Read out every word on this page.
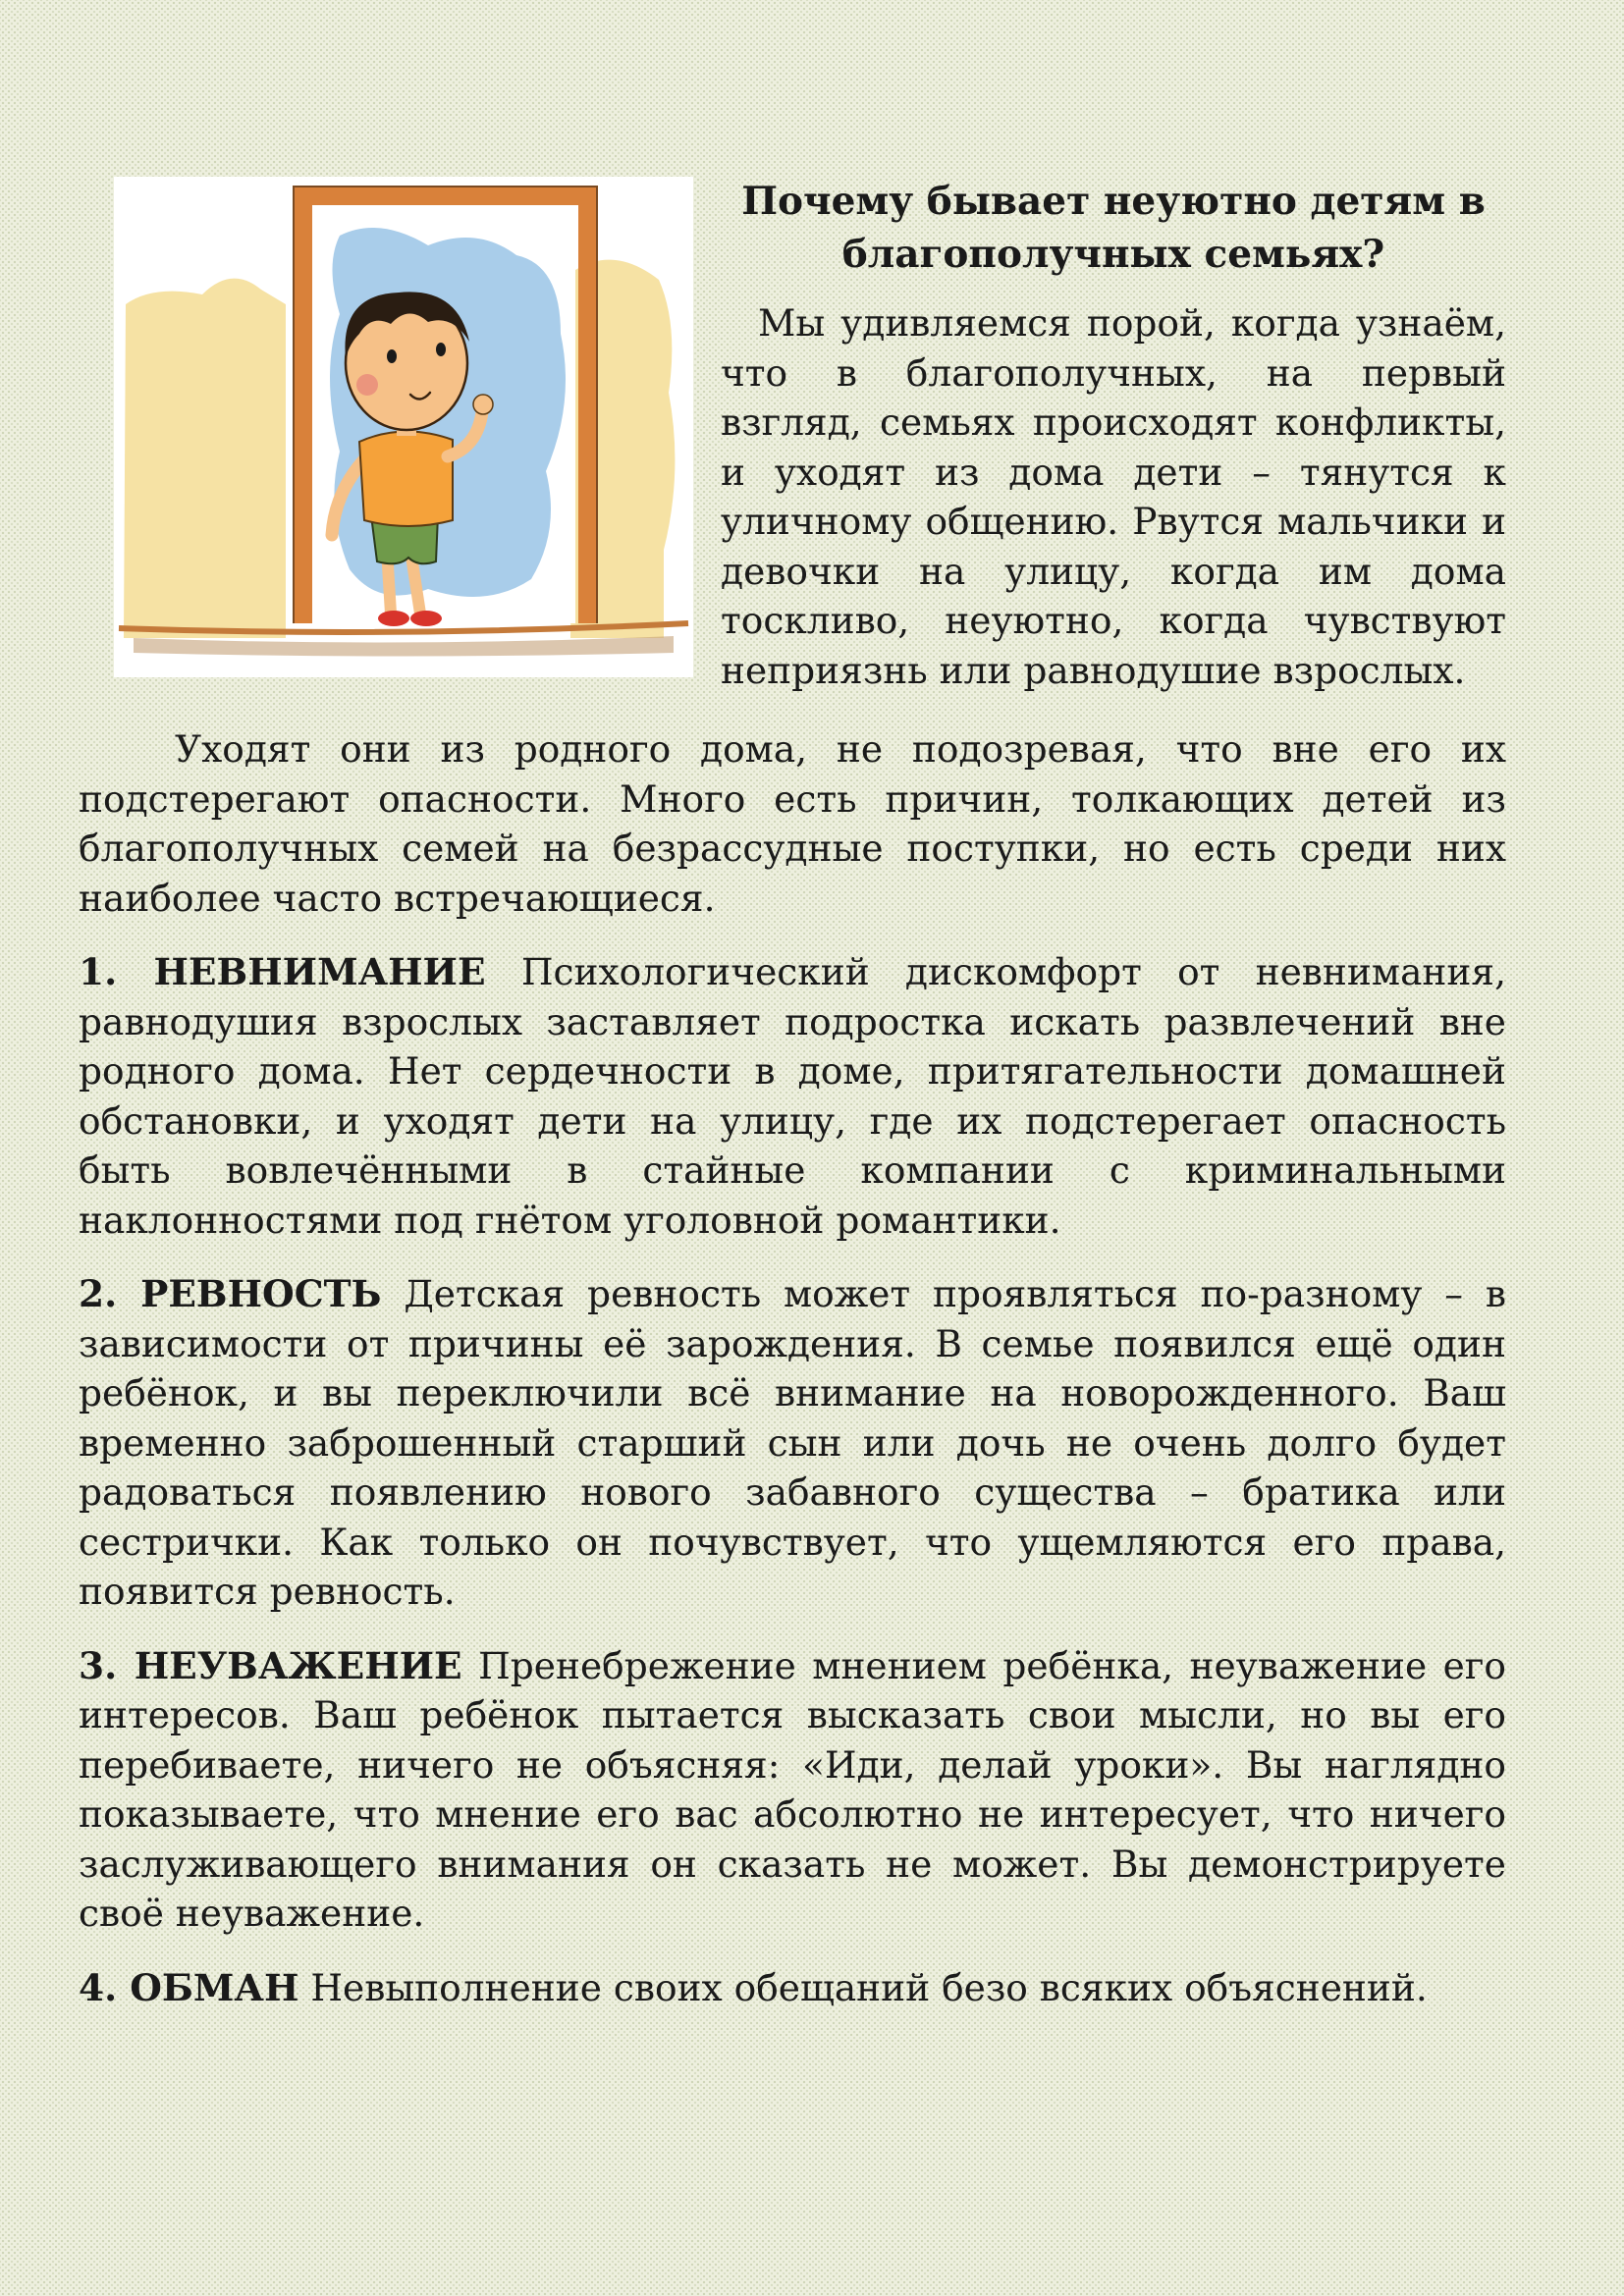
Почему бывает неуютно детям в благополучных семьях?

Мы удивляемся порой, когда узнаём, что в благополучных, на первый взгляд, семьях происходят конфликты, и уходят из дома дети – тянутся к уличному общению. Рвутся мальчики и девочки на улицу, когда им дома тоскливо, неуютно, когда чувствуют неприязнь или равнодушие взрослых.

Уходят они из родного дома, не подозревая, что вне его их подстерегают опасности. Много есть причин, толкающих детей из благополучных семей на безрассудные поступки, но есть среди них наиболее часто встречающиеся.

1. НЕВНИМАНИЕ Психологический дискомфорт от невнимания, равнодушия взрослых заставляет подростка искать развлечений вне родного дома. Нет сердечности в доме, притягательности домашней обстановки, и уходят дети на улицу, где их подстерегает опасность быть вовлечёнными в стайные компании с криминальными наклонностями под гнётом уголовной романтики.

2. РЕВНОСТЬ Детская ревность может проявляться по-разному – в зависимости от причины её зарождения. В семье появился ещё один ребёнок, и вы переключили всё внимание на новорожденного. Ваш временно заброшенный старший сын или дочь не очень долго будет радоваться появлению нового забавного существа – братика или сестрички. Как только он почувствует, что ущемляются его права, появится ревность.

3. НЕУВАЖЕНИЕ Пренебрежение мнением ребёнка, неуважение его интересов. Ваш ребёнок пытается высказать свои мысли, но вы его перебиваете, ничего не объясняя: «Иди, делай уроки». Вы наглядно показываете, что мнение его вас абсолютно не интересует, что ничего заслуживающего внимания он сказать не может. Вы демонстрируете своё неуважение.

4. ОБМАН Невыполнение своих обещаний безо всяких объяснений.
